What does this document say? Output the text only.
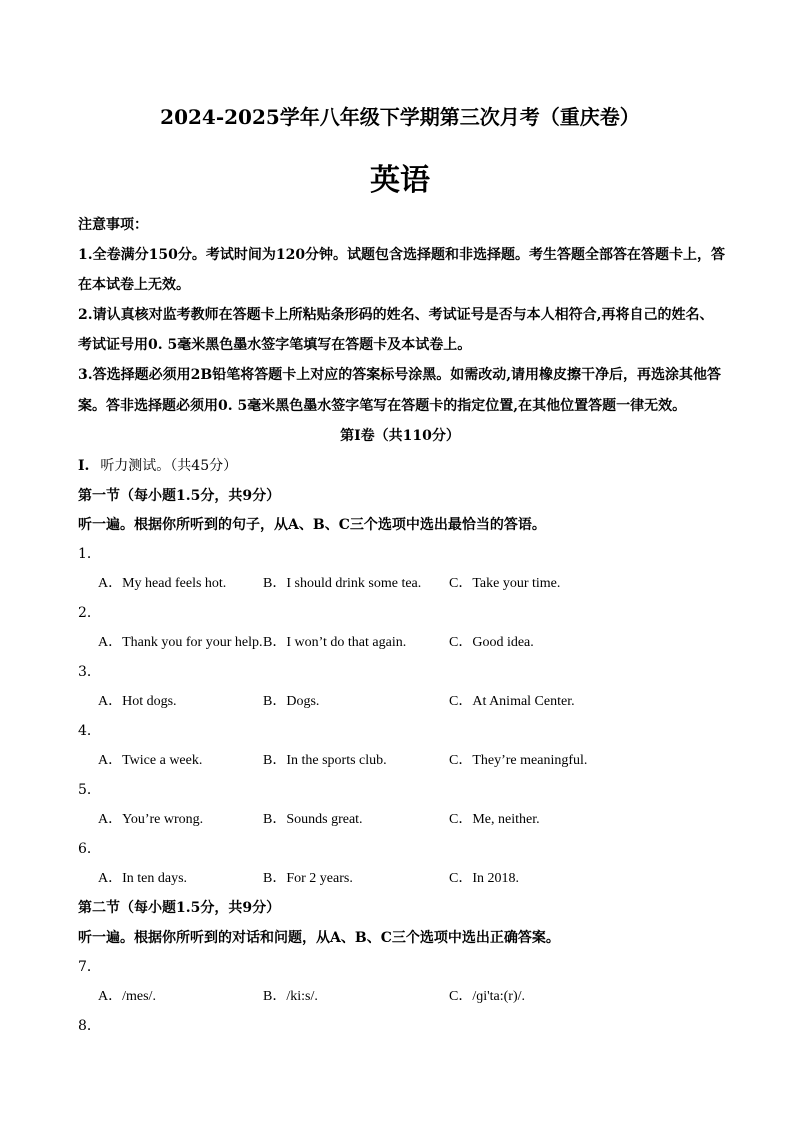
2024-2025学年八年级下学期第三次月考（重庆卷）
英语
注意事项：
1.全卷满分150分。考试时间为120分钟。试题包含选择题和非选择题。考生答题全部答在答题卡上，答
在本试卷上无效。
2.请认真核对监考教师在答题卡上所粘贴条形码的姓名、考试证号是否与本人相符合,再将自己的姓名、
考试证号用0. 5毫米黑色墨水签字笔填写在答题卡及本试卷上。
3.答选择题必须用2B铅笔将答题卡上对应的答案标号涂黑。如需改动,请用橡皮擦干净后，再选涂其他答
案。答非选择题必须用0. 5毫米黑色墨水签字笔写在答题卡的指定位置,在其他位置答题一律无效。
第Ⅰ卷（共110分）
I. 听力测试。（共45分）
第一节（每小题1.5分，共9分）
听一遍。根据你所听到的句子，从A、B、C三个选项中选出最恰当的答语。
1．
A．My head feels hot.	B．I should drink some tea. C．Take your time.
2．
A．Thank you for your help. B．I won’t do that again.	C．Good idea.
3．
A．Hot dogs.	B．Dogs.	C．At Animal Center.
4．
A．Twice a week.	B．In the sports club.	C．They’re meaningful.
5．
A．You’re wrong.	B．Sounds great.	C．Me, neither.
6．
A．In ten days.	B．For 2 years.	C．In 2018.
第二节（每小题1.5分，共9分）
听一遍。根据你所听到的对话和问题，从A、B、C三个选项中选出正确答案。
7．
A．/mes/.	B．/ki:s/.	C．/ɡi'ta:(r)/.
8．
